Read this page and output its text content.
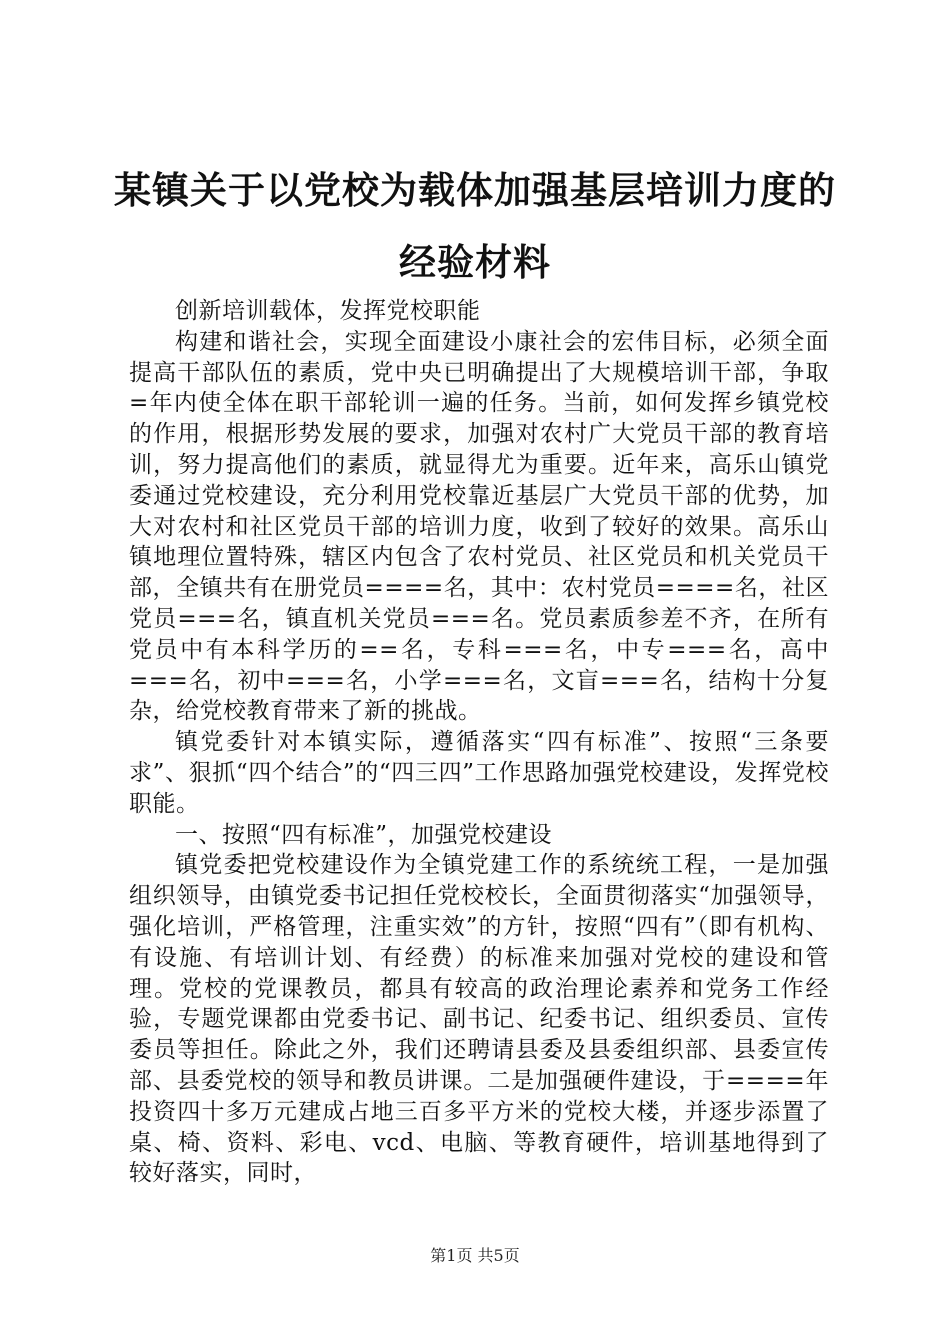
某镇关于以党校为载体加强基层培训力度的经验材料

创新培训载体，发挥党校职能

构建和谐社会，实现全面建设小康社会的宏伟目标，必须全面提高干部队伍的素质，党中央已明确提出了大规模培训干部，争取=年内使全体在职干部轮训一遍的任务。当前，如何发挥乡镇党校的作用，根据形势发展的要求，加强对农村广大党员干部的教育培训，努力提高他们的素质，就显得尤为重要。近年来，高乐山镇党委通过党校建设，充分利用党校靠近基层广大党员干部的优势，加大对农村和社区党员干部的培训力度，收到了较好的效果。高乐山镇地理位置特殊，辖区内包含了农村党员、社区党员和机关党员干部，全镇共有在册党员====名，其中：农村党员====名，社区党员===名，镇直机关党员===名。党员素质参差不齐，在所有党员中有本科学历的==名，专科===名，中专===名，高中===名，初中===名，小学===名，文盲===名，结构十分复杂，给党校教育带来了新的挑战。

镇党委针对本镇实际，遵循落实“四有标准”、按照“三条要求”、狠抓“四个结合”的“四三四”工作思路加强党校建设，发挥党校职能。

一、按照“四有标准”，加强党校建设

镇党委把党校建设作为全镇党建工作的系统统工程，一是加强组织领导，由镇党委书记担任党校校长，全面贯彻落实“加强领导，强化培训，严格管理，注重实效”的方针，按照“四有”（即有机构、有设施、有培训计划、有经费）的标准来加强对党校的建设和管理。党校的党课教员，都具有较高的政治理论素养和党务工作经验，专题党课都由党委书记、副书记、纪委书记、组织委员、宣传委员等担任。除此之外，我们还聘请县委及县委组织部、县委宣传部、县委党校的领导和教员讲课。二是加强硬件建设，于====年投资四十多万元建成占地三百多平方米的党校大楼，并逐步添置了桌、椅、资料、彩电、vcd、电脑、等教育硬件，培训基地得到了较好落实，同时，

第1页 共5页
